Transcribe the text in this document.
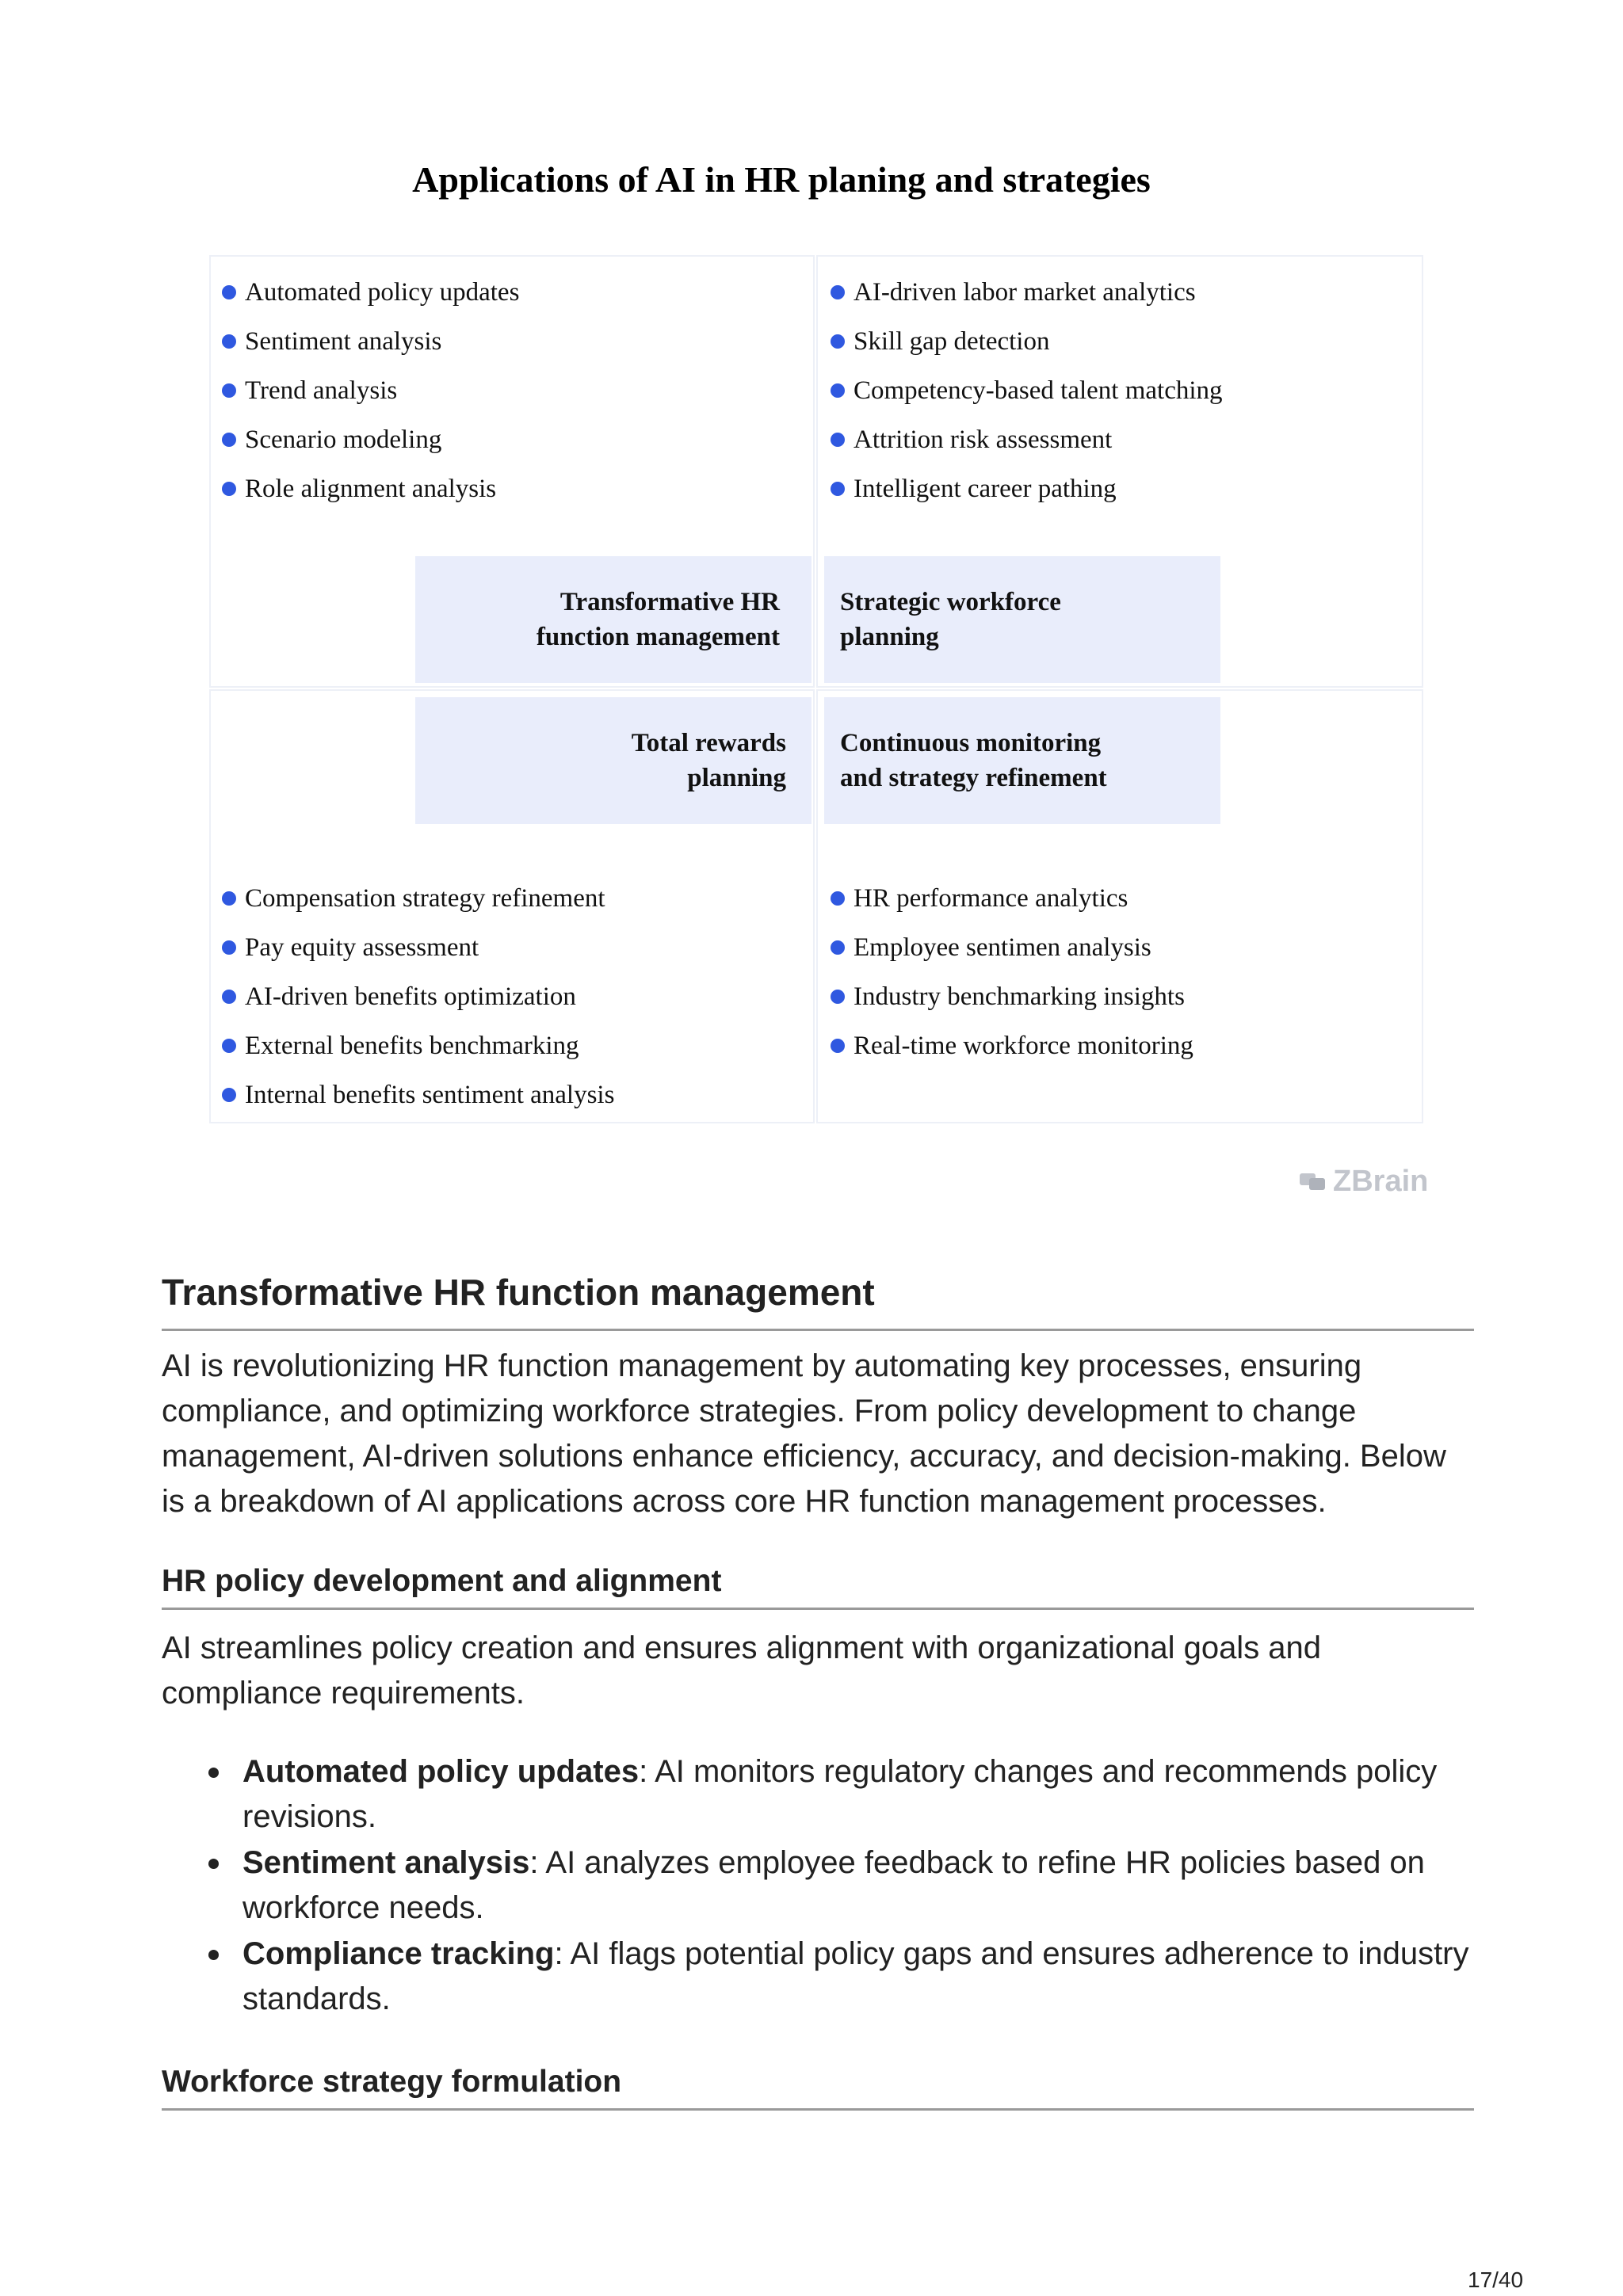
Applications of AI in HR planing and strategies
Automated policy updates
Sentiment analysis
Trend analysis
Scenario modeling
Role alignment analysis
AI-driven labor market analytics
Skill gap detection
Competency-based talent matching
Attrition risk assessment
Intelligent career pathing
Transformative HR
function management
Strategic workforce
planning
Total rewards
planning
Continuous monitoring
and strategy refinement
Compensation strategy refinement
Pay equity assessment
AI-driven benefits optimization
External benefits benchmarking
Internal benefits sentiment analysis
HR performance analytics
Employee sentimen analysis
Industry benchmarking insights
Real-time workforce monitoring
ZBrain
Transformative HR function management

AI is revolutionizing HR function management by automating key processes, ensuring compliance, and optimizing workforce strategies. From policy development to change management, AI-driven solutions enhance efficiency, accuracy, and decision-making. Below is a breakdown of AI applications across core HR function management processes.

HR policy development and alignment

AI streamlines policy creation and ensures alignment with organizational goals and compliance requirements.

Automated policy updates: AI monitors regulatory changes and recommends policy revisions.
Sentiment analysis: AI analyzes employee feedback to refine HR policies based on workforce needs.
Compliance tracking: AI flags potential policy gaps and ensures adherence to industry standards.
Workforce strategy formulation
17/40
